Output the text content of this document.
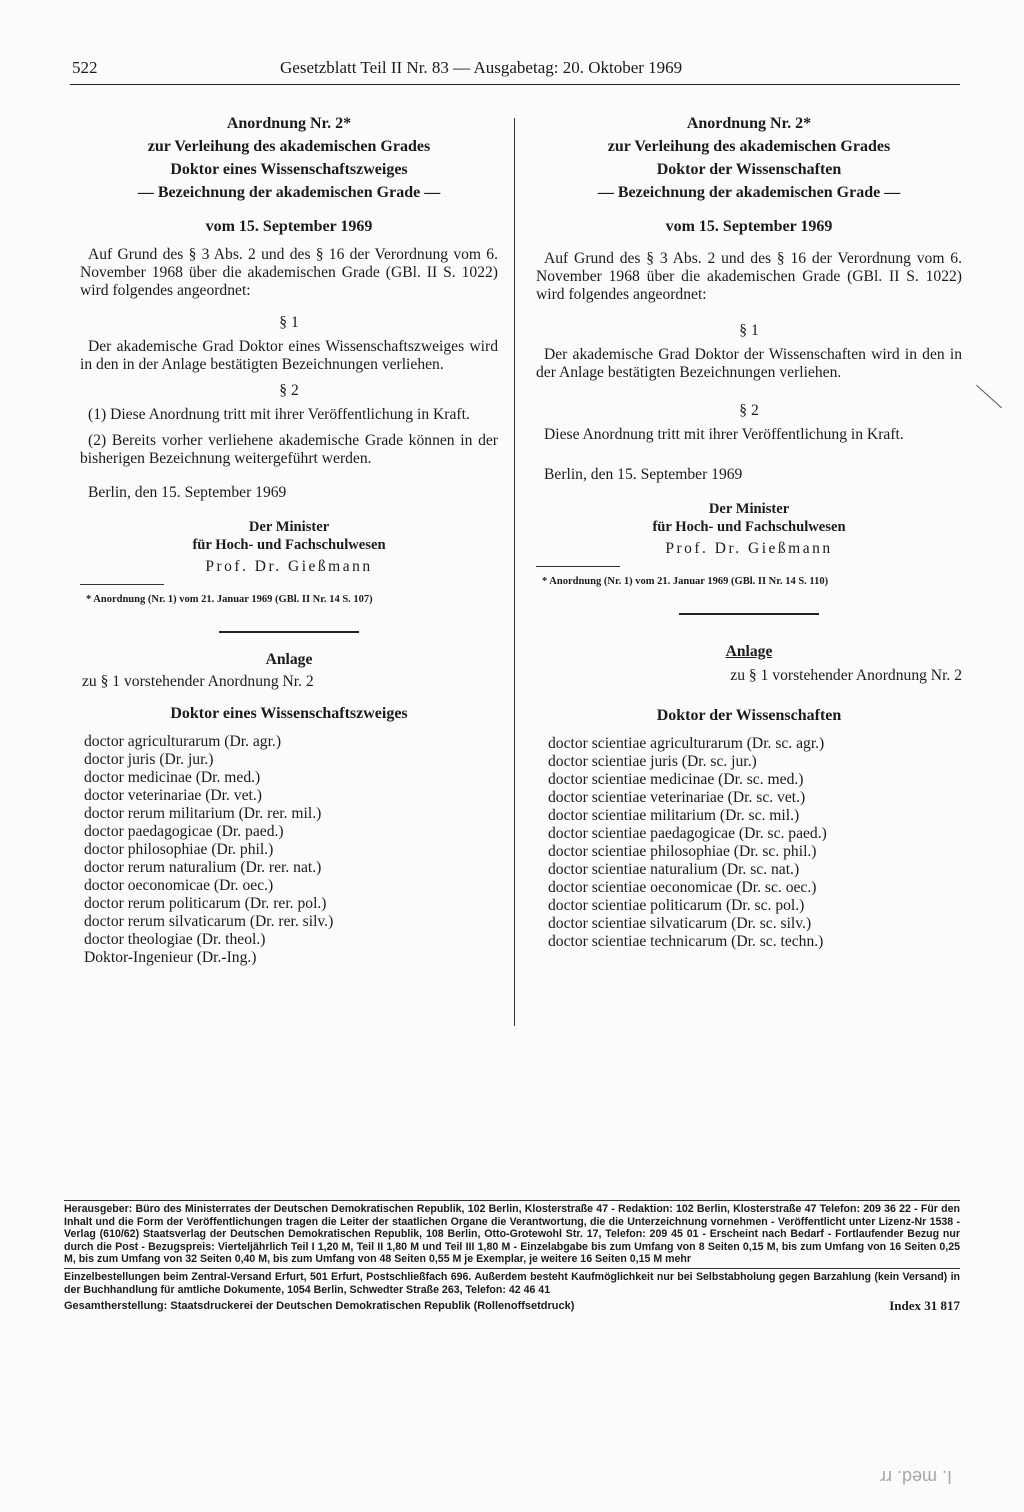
522	Gesetzblatt Teil II Nr. 83 — Ausgabetag: 20. Oktober 1969
Anordnung Nr. 2*
zur Verleihung des akademischen Grades
Doktor eines Wissenschaftszweiges
— Bezeichnung der akademischen Grade —
vom 15. September 1969

Auf Grund des § 3 Abs. 2 und des § 16 der Verordnung vom 6. November 1968 über die akademischen Grade (GBl. II S. 1022) wird folgendes angeordnet:

§ 1

Der akademische Grad Doktor eines Wissenschaftszweiges wird in den in der Anlage bestätigten Bezeichnungen verliehen.

§ 2

(1) Diese Anordnung tritt mit ihrer Veröffentlichung in Kraft.

(2) Bereits vorher verliehene akademische Grade können in der bisherigen Bezeichnung weitergeführt werden.

Berlin, den 15. September 1969
Der Minister
für Hoch- und Fachschulwesen
Prof. Dr. Gießmann
* Anordnung (Nr. 1) vom 21. Januar 1969 (GBl. II Nr. 14 S. 107)
Anlage
zu § 1 vorstehender Anordnung Nr. 2
Doktor eines Wissenschaftszweiges
doctor agriculturarum (Dr. agr.)
doctor juris (Dr. jur.)
doctor medicinae (Dr. med.)
doctor veterinariae (Dr. vet.)
doctor rerum militarium (Dr. rer. mil.)
doctor paedagogicae (Dr. paed.)
doctor philosophiae (Dr. phil.)
doctor rerum naturalium (Dr. rer. nat.)
doctor oeconomicae (Dr. oec.)
doctor rerum politicarum (Dr. rer. pol.)
doctor rerum silvaticarum (Dr. rer. silv.)
doctor theologiae (Dr. theol.)
Doktor-Ingenieur (Dr.-Ing.)
Anordnung Nr. 2*
zur Verleihung des akademischen Grades
Doktor der Wissenschaften
— Bezeichnung der akademischen Grade —
vom 15. September 1969

Auf Grund des § 3 Abs. 2 und des § 16 der Verordnung vom 6. November 1968 über die akademischen Grade (GBl. II S. 1022) wird folgendes angeordnet:

§ 1

Der akademische Grad Doktor der Wissenschaften wird in den in der Anlage bestätigten Bezeichnungen verliehen.

§ 2

Diese Anordnung tritt mit ihrer Veröffentlichung in Kraft.

Berlin, den 15. September 1969
Der Minister
für Hoch- und Fachschulwesen
Prof. Dr. Gießmann
* Anordnung (Nr. 1) vom 21. Januar 1969 (GBl. II Nr. 14 S. 110)
Anlage
zu § 1 vorstehender Anordnung Nr. 2
Doktor der Wissenschaften
doctor scientiae agriculturarum (Dr. sc. agr.)
doctor scientiae juris (Dr. sc. jur.)
doctor scientiae medicinae (Dr. sc. med.)
doctor scientiae veterinariae (Dr. sc. vet.)
doctor scientiae militarium (Dr. sc. mil.)
doctor scientiae paedagogicae (Dr. sc. paed.)
doctor scientiae philosophiae (Dr. sc. phil.)
doctor scientiae naturalium (Dr. sc. nat.)
doctor scientiae oeconomicae (Dr. sc. oec.)
doctor scientiae politicarum (Dr. sc. pol.)
doctor scientiae silvaticarum (Dr. sc. silv.)
doctor scientiae technicarum (Dr. sc. techn.)

Herausgeber: Büro des Ministerrates der Deutschen Demokratischen Republik, 102 Berlin, Klosterstraße 47 - Redaktion: 102 Berlin, Klosterstraße 47 Telefon: 209 36 22 - Für den Inhalt und die Form der Veröffentlichungen tragen die Leiter der staatlichen Organe die Verantwortung, die die Unterzeichnung vornehmen - Veröffentlicht unter Lizenz-Nr 1538 - Verlag (610/62) Staatsverlag der Deutschen Demokratischen Republik, 108 Berlin, Otto-Grotewohl Str. 17, Telefon: 209 45 01 - Erscheint nach Bedarf - Fortlaufender Bezug nur durch die Post - Bezugspreis: Vierteljährlich Teil I 1,20 M, Teil II 1,80 M und Teil III 1,80 M - Einzelabgabe bis zum Umfang von 8 Seiten 0,15 M, bis zum Umfang von 16 Seiten 0,25 M, bis zum Umfang von 32 Seiten 0,40 M, bis zum Umfang von 48 Seiten 0,55 M je Exemplar, je weitere 16 Seiten 0,15 M mehr

Einzelbestellungen beim Zentral-Versand Erfurt, 501 Erfurt, Postschließfach 696. Außerdem besteht Kaufmöglichkeit nur bei Selbstabholung gegen Barzahlung (kein Versand) in der Buchhandlung für amtliche Dokumente, 1054 Berlin, Schwedter Straße 263, Telefon: 42 46 41

Gesamtherstellung: Staatsdruckerei der Deutschen Demokratischen Republik (Rollenoffsetdruck)	Index 31 817
I. med. rr
